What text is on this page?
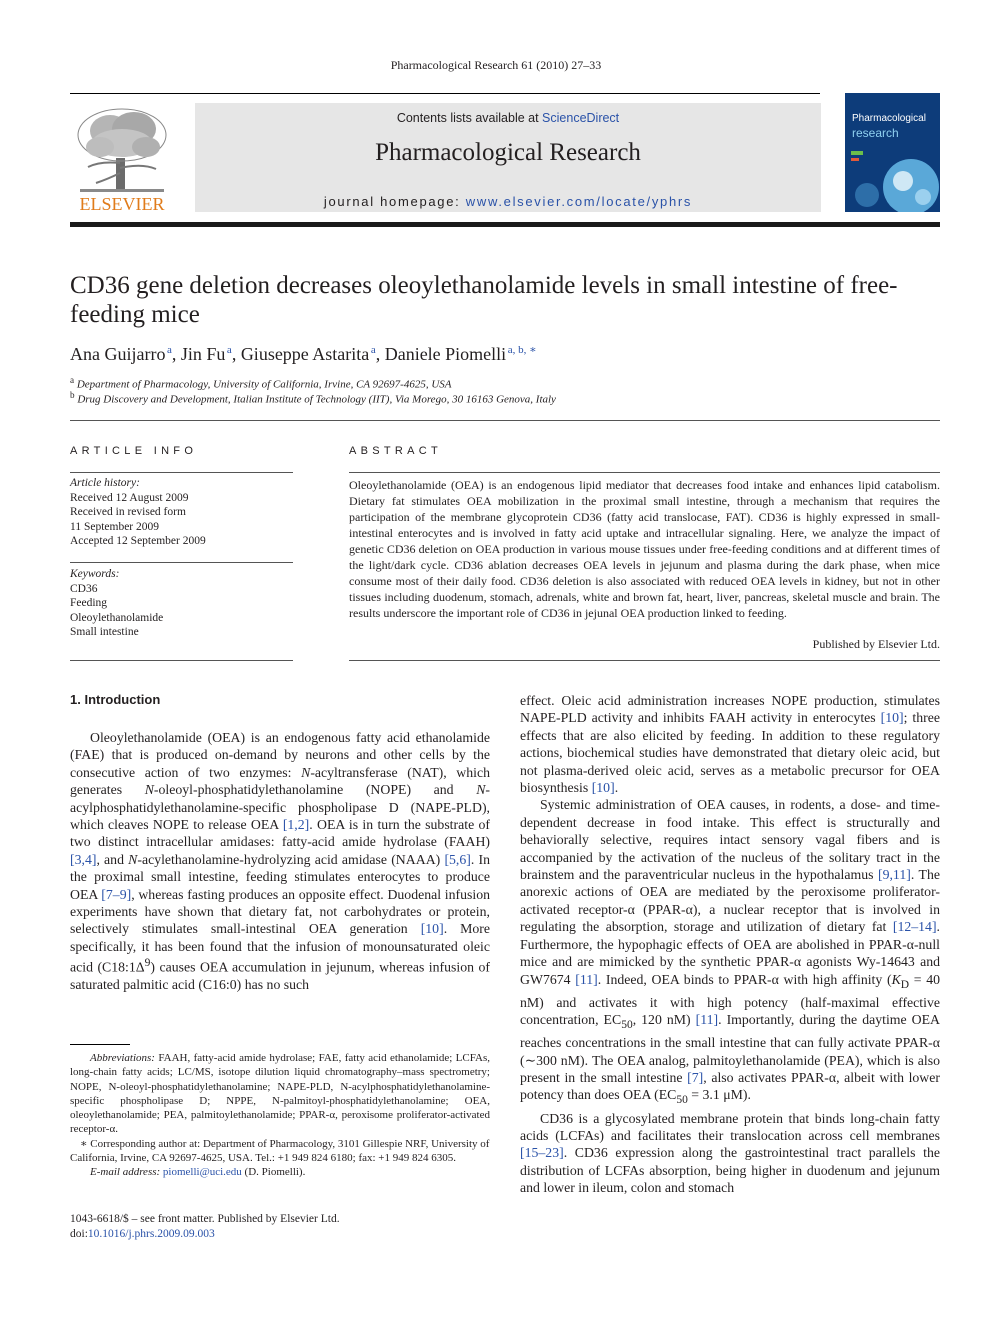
Pharmacological Research 61 (2010) 27–33
ELSEVIER
Contents lists available at ScienceDirect
Pharmacological Research
journal homepage: www.elsevier.com/locate/yphrs
Pharmacological
research
CD36 gene deletion decreases oleoylethanolamide levels in small intestine of free-feeding mice
Ana Guijarro  $^a$, Jin Fu  $^a$, Giuseppe Astarita  $^a$, Daniele Piomelli  $^{a, b, ∗}$
$^a$ Department of Pharmacology, University of California, Irvine, CA 92697-4625, USA
$^b$ Drug Discovery and Development, Italian Institute of Technology (IIT), Via Morego, 30 16163 Genova, Italy
ARTICLE INFO
Article history:
Received 12 August 2009
Received in revised form
11 September 2009
Accepted 12 September 2009
Keywords:
CD36
Feeding
Oleoylethanolamide
Small intestine
ABSTRACT
Oleoylethanolamide (OEA) is an endogenous lipid mediator that decreases food intake and enhances lipid catabolism. Dietary fat stimulates OEA mobilization in the proximal small intestine, through a mechanism that requires the participation of the membrane glycoprotein CD36 (fatty acid translocase, FAT). CD36 is highly expressed in small-intestinal enterocytes and is involved in fatty acid uptake and intracellular signaling. Here, we analyze the impact of genetic CD36 deletion on OEA production in various mouse tissues under free-feeding conditions and at different times of the light/dark cycle. CD36 ablation decreases OEA levels in jejunum and plasma during the dark phase, when mice consume most of their daily food. CD36 deletion is also associated with reduced OEA levels in kidney, but not in other tissues including duodenum, stomach, adrenals, white and brown fat, heart, liver, pancreas, skeletal muscle and brain. The results underscore the important role of CD36 in jejunal OEA production linked to feeding.
Published by Elsevier Ltd.
1. Introduction

Oleoylethanolamide (OEA) is an endogenous fatty acid ethanolamide (FAE) that is produced on-demand by neurons and other cells by the consecutive action of two enzymes: N-acyltransferase (NAT), which generates N-oleoyl-phosphatidylethanolamine (NOPE) and N-acylphosphatidylethanolamine-specific phospholipase D (NAPE-PLD), which cleaves NOPE to release OEA [1,2]. OEA is in turn the substrate of two distinct intracellular amidases: fatty-acid amide hydrolase (FAAH) [3,4], and N-acylethanolamine-hydrolyzing acid amidase (NAAA) [5,6]. In the proximal small intestine, feeding stimulates enterocytes to produce OEA [7–9], whereas fasting produces an opposite effect. Duodenal infusion experiments have shown that dietary fat, not carbohydrates or protein, selectively stimulates small-intestinal OEA generation [10]. More specifically, it has been found that the infusion of monounsaturated oleic acid $(C18:1\Delta^9)$ causes OEA accumulation in jejunum, whereas infusion of saturated palmitic acid (C16:0) has no such

effect. Oleic acid administration increases NOPE production, stimulates NAPE-PLD activity and inhibits FAAH activity in enterocytes [10]; three effects that are also elicited by feeding. In addition to these regulatory actions, biochemical studies have demonstrated that dietary oleic acid, but not plasma-derived oleic acid, serves as a metabolic precursor for OEA biosynthesis [10].

Systemic administration of OEA causes, in rodents, a dose- and time-dependent decrease in food intake. This effect is structurally and behaviorally selective, requires intact sensory vagal fibers and is accompanied by the activation of the nucleus of the solitary tract in the brainstem and the paraventricular nucleus in the hypothalamus [9,11]. The anorexic actions of OEA are mediated by the peroxisome proliferator-activated receptor-α (PPAR-α), a nuclear receptor that is involved in regulating the absorption, storage and utilization of dietary fat [12–14]. Furthermore, the hypophagic effects of OEA are abolished in PPAR-α-null mice and are mimicked by the synthetic PPAR-α agonists Wy-14643 and GW7674 [11]. Indeed, OEA binds to PPAR-α with high affinity ($K_D = 40$ nM) and activates it with high potency (half-maximal effective concentration, $EC_{50}$, 120 nM) [11]. Importantly, during the daytime OEA reaches concentrations in the small intestine that can fully activate PPAR-α (∼300 nM). The OEA analog, palmitoylethanolamide (PEA), which is also present in the small intestine [7], also activates PPAR-α, albeit with lower potency than does OEA ($EC_{50} = 3.1$ μM).

CD36 is a glycosylated membrane protein that binds long-chain fatty acids (LCFAs) and facilitates their translocation across cell membranes [15–23]. CD36 expression along the gastrointestinal tract parallels the distribution of LCFAs absorption, being higher in duodenum and jejunum and lower in ileum, colon and stomach

Abbreviations: FAAH, fatty-acid amide hydrolase; FAE, fatty acid ethanolamide; LCFAs, long-chain fatty acids; LC/MS, isotope dilution liquid chromatography–mass spectrometry; NOPE, N-oleoyl-phosphatidylethanolamine; NAPE-PLD, N-acylphosphatidylethanolamine-specific phospholipase D; NPPE, N-palmitoyl-phosphatidylethanolamine; OEA, oleoylethanolamide; PEA, palmitoylethanolamide; PPAR-α, peroxisome proliferator-activated receptor-α.

∗ Corresponding author at: Department of Pharmacology, 3101 Gillespie NRF, University of California, Irvine, CA 92697-4625, USA. Tel.: +1 949 824 6180; fax: +1 949 824 6305.

E-mail address: piomelli@uci.edu (D. Piomelli).

1043-6618/$ – see front matter. Published by Elsevier Ltd.
doi:10.1016/j.phrs.2009.09.003
